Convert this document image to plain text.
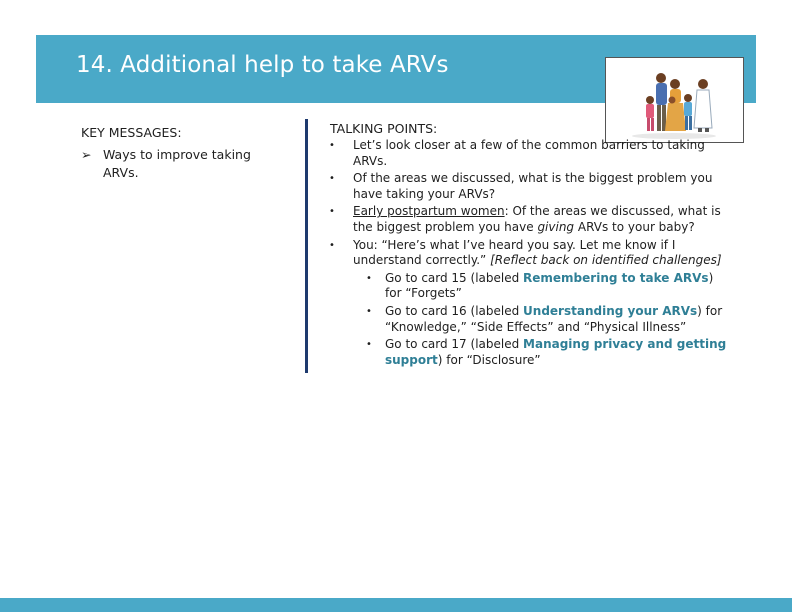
14. Additional help to take ARVs
KEY MESSAGES:
➢ Ways to improve taking ARVs.
TALKING POINTS:
• Let’s look closer at a few of the common barriers to taking ARVs.
• Of the areas we discussed, what is the biggest problem you have taking your ARVs?
• Early postpartum women: Of the areas we discussed, what is the biggest problem you have giving ARVs to your baby?
• You: “Here’s what I’ve heard you say. Let me know if I understand correctly.” [Reflect back on identified challenges]
• Go to card 15 (labeled Remembering to take ARVs) for “Forgets”
• Go to card 16 (labeled Understanding your ARVs) for “Knowledge,” “Side Effects” and “Physical Illness”
• Go to card 17 (labeled Managing privacy and getting support) for “Disclosure”
